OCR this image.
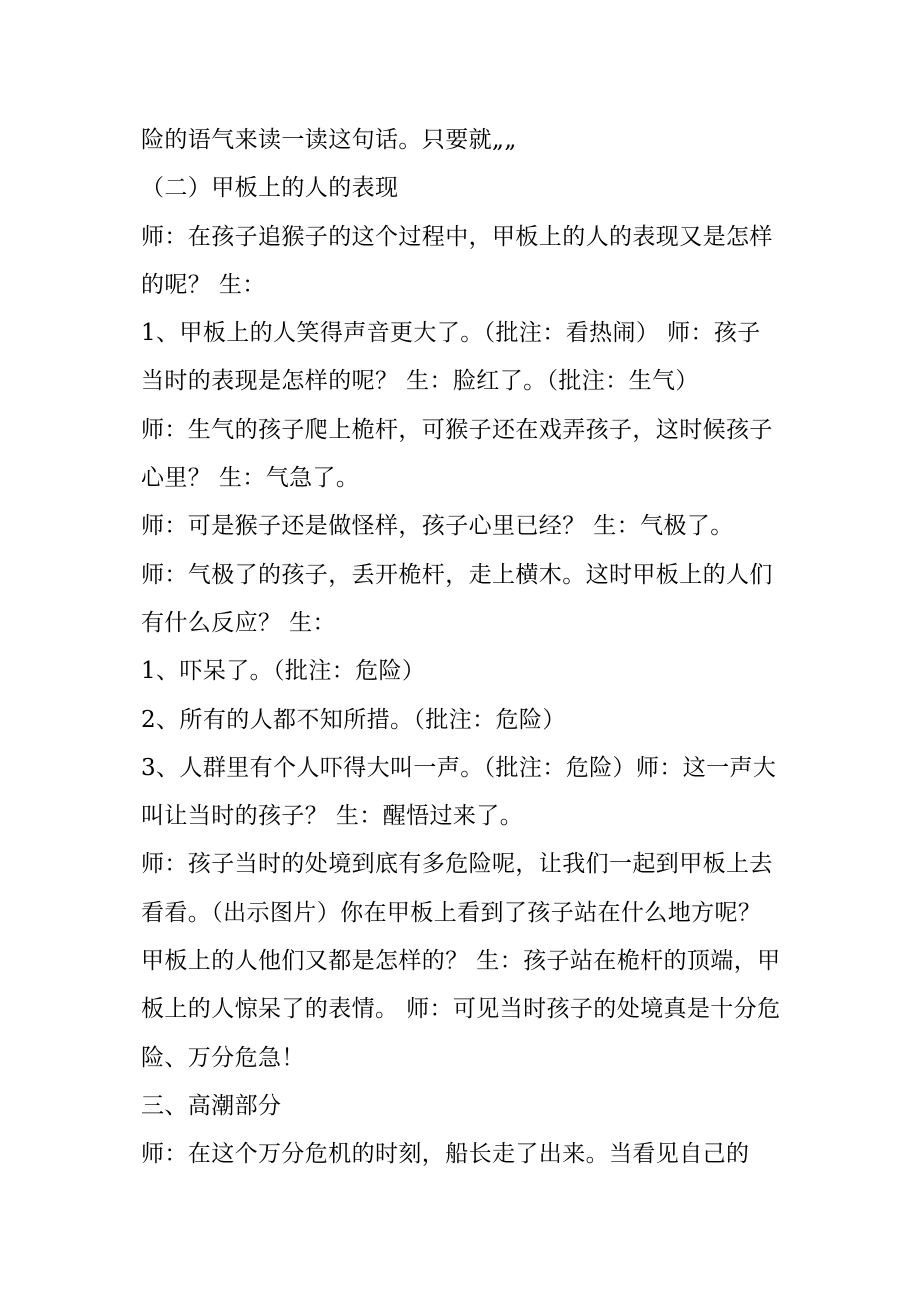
险的语气来读一读这句话。只要就„„

（二）甲板上的人的表现

师：在孩子追猴子的这个过程中，甲板上的人的表现又是怎样的呢？ 生：

1、甲板上的人笑得声音更大了。（批注：看热闹） 师：孩子当时的表现是怎样的呢？ 生：脸红了。（批注：生气）

师：生气的孩子爬上桅杆，可猴子还在戏弄孩子，这时候孩子心里？ 生：气急了。

师：可是猴子还是做怪样，孩子心里已经？ 生：气极了。

师：气极了的孩子，丢开桅杆，走上横木。这时甲板上的人们有什么反应？ 生：

1、吓呆了。（批注：危险）

2、所有的人都不知所措。（批注：危险）

3、人群里有个人吓得大叫一声。（批注：危险）师：这一声大叫让当时的孩子？ 生：醒悟过来了。

师：孩子当时的处境到底有多危险呢，让我们一起到甲板上去看看。（出示图片）你在甲板上看到了孩子站在什么地方呢？甲板上的人他们又都是怎样的？ 生：孩子站在桅杆的顶端，甲板上的人惊呆了的表情。 师：可见当时孩子的处境真是十分危险、万分危急！

三、高潮部分

师：在这个万分危机的时刻，船长走了出来。当看见自己的
